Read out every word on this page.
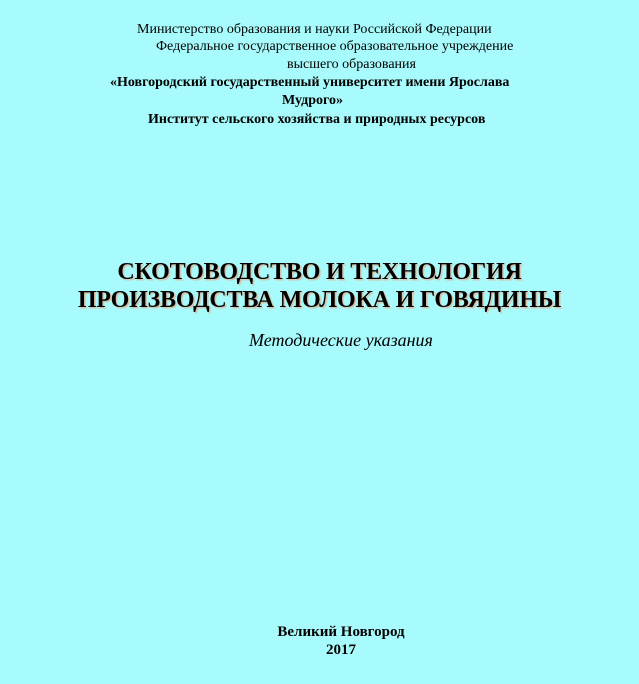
Министерство образования и науки Российской Федерации

Федеральное государственное образовательное учреждение

высшего образования

«Новгородский государственный университет имени Ярослава

Мудрого»

Институт сельского хозяйства и природных ресурсов

СКОТОВОДСТВО И ТЕХНОЛОГИЯ
ПРОИЗВОДСТВА МОЛОКА И ГОВЯДИНЫ

Методические указания

Великий Новгород

2017
